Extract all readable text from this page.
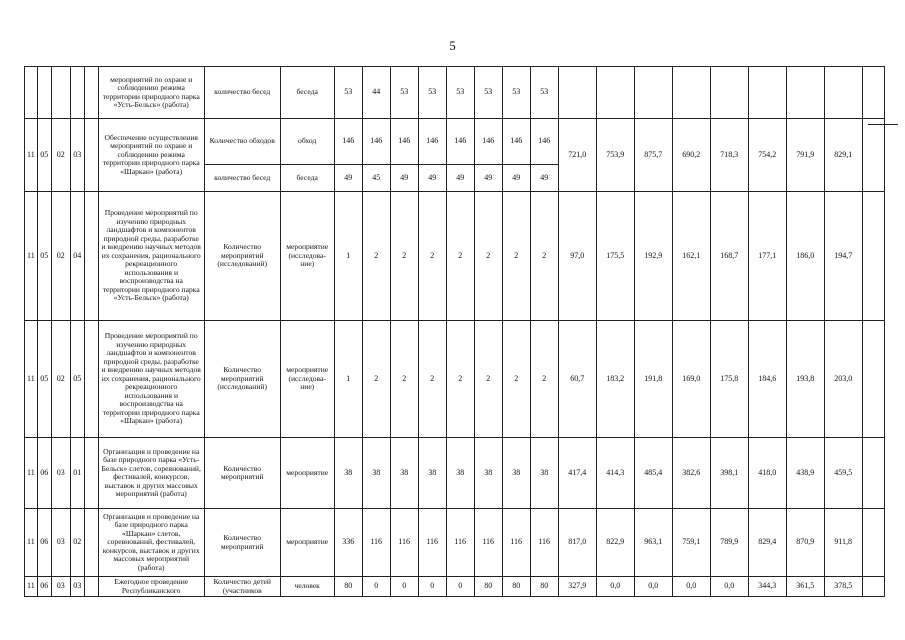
5
					мероприятий по охране и соблюдению режима территории природного парка «Усть-Бельск» (работа)	количество бесед	беседа	53	44	53	53	53	53	53	53									
11	05	02	03		Обеспечение осуществления мероприятий по охране и соблюдению режима территории природного парка «Шаркан» (работа)	Количество обходов	обход	146	146	146	146	146	146	146	146	721,0	753,9	875,7	690,2	718,3	754,2	791,9	829,1	
						количество бесед	беседа	49	45	49	49	49	49	49	49									
11	05	02	04		Проведение мероприятий по изучению природных ландшафтов и компонентов природной среды, разработке и внедрению научных методов их сохранения, рационального рекреационного использования и воспроизводства на территории природного парка «Усть-Бельск» (работа)	Количество мероприятий (исследований)	мероприятие (исследова-ние)	1	2	2	2	2	2	2	2	97,0	175,5	192,9	162,1	168,7	177,1	186,0	194,7	
11	05	02	05		Проведение мероприятий по изучению природных ландшафтов и компонентов природной среды, разработке и внедрению научных методов их сохранения, рационального рекреационного использования и воспроизводства на территории природного парка «Шаркан» (работа)	Количество мероприятий (исследований)	мероприятие (исследова-ние)	1	2	2	2	2	2	2	2	60,7	183,2	191,8	169,0	175,8	184,6	193,8	203,0	
11	06	03	01		Организация и проведение на базе природного парка «Усть-Бельск» слетов, соревнований, фестивалей, конкурсов, выставок и других массовых мероприятий (работа)	Количество мероприятий	мероприятие	38	38	38	38	38	38	38	38	417,4	414,3	485,4	382,6	398,1	418,0	438,9	459,5	
11	06	03	02		Организация и проведение на базе природного парка «Шаркан» слетов, соревнований, фестивалей, конкурсов, выставок и других массовых мероприятий (работа)	Количество мероприятий	мероприятие	336	116	116	116	116	116	116	116	817,0	822,9	963,1	759,1	789,9	829,4	870,9	911,8	
11	06	03	03		Ежегодное проведение Республиканского	Количество детей (участников	человек	80	0	0	0	0	80	80	80	327,9	0,0	0,0	0,0	0,0	344,3	361,5	378,5	
